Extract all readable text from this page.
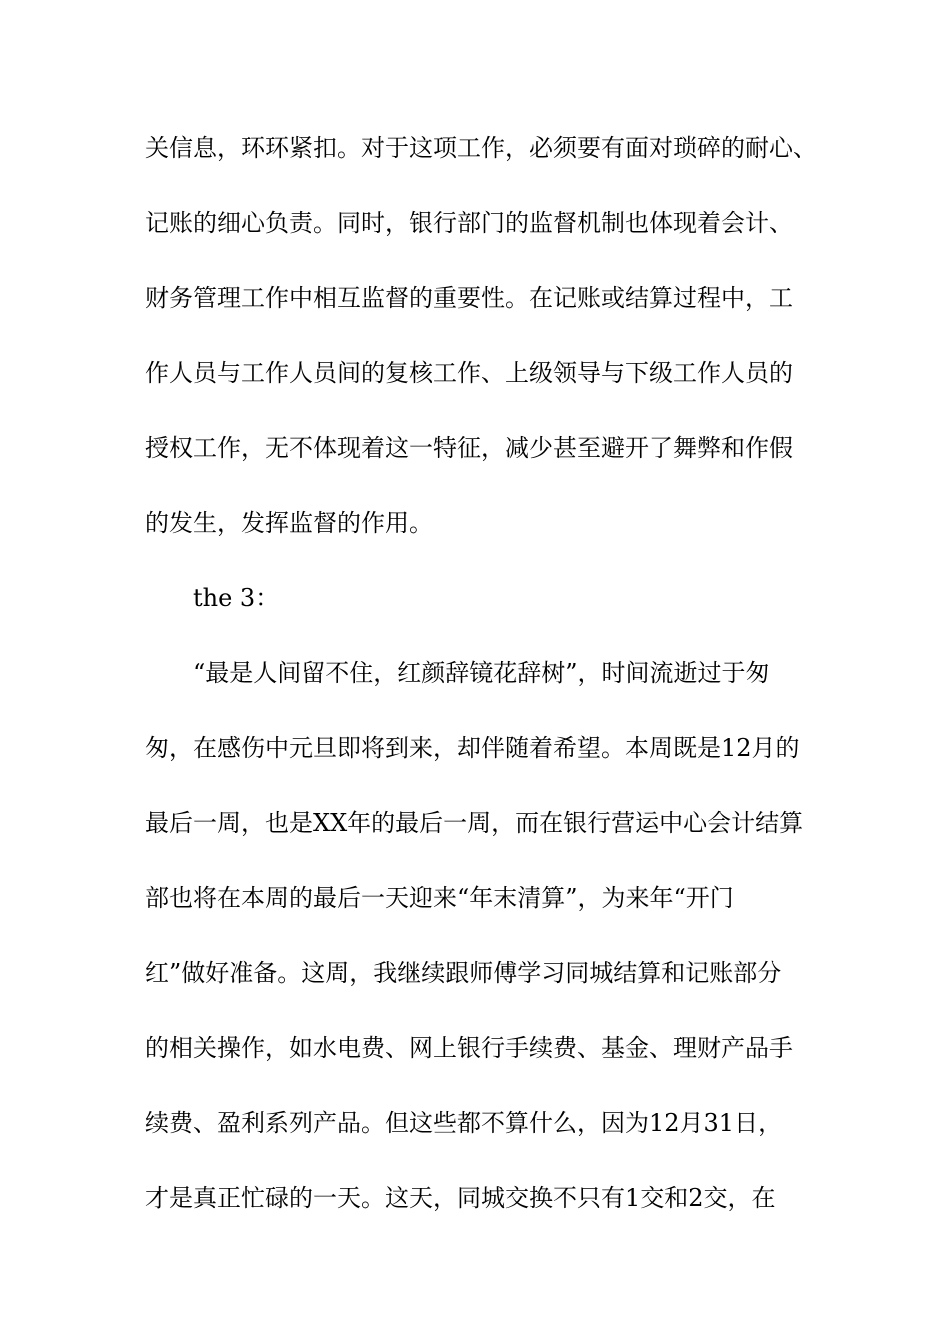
关信息，环环紧扣。对于这项工作，必须要有面对琐碎的耐心、
记账的细心负责。同时，银行部门的监督机制也体现着会计、
财务管理工作中相互监督的重要性。在记账或结算过程中，工
作人员与工作人员间的复核工作、上级领导与下级工作人员的
授权工作，无不体现着这一特征，减少甚至避开了舞弊和作假
的发生，发挥监督的作用。
the 3：
“最是人间留不住，红颜辞镜花辞树”，时间流逝过于匆
匆，在感伤中元旦即将到来，却伴随着希望。本周既是12月的
最后一周，也是XX年的最后一周，而在银行营运中心会计结算
部也将在本周的最后一天迎来“年末清算”，为来年“开门
红”做好准备。这周，我继续跟师傅学习同城结算和记账部分
的相关操作，如水电费、网上银行手续费、基金、理财产品手
续费、盈利系列产品。但这些都不算什么，因为12月31日，
才是真正忙碌的一天。这天，同城交换不只有1交和2交，在
